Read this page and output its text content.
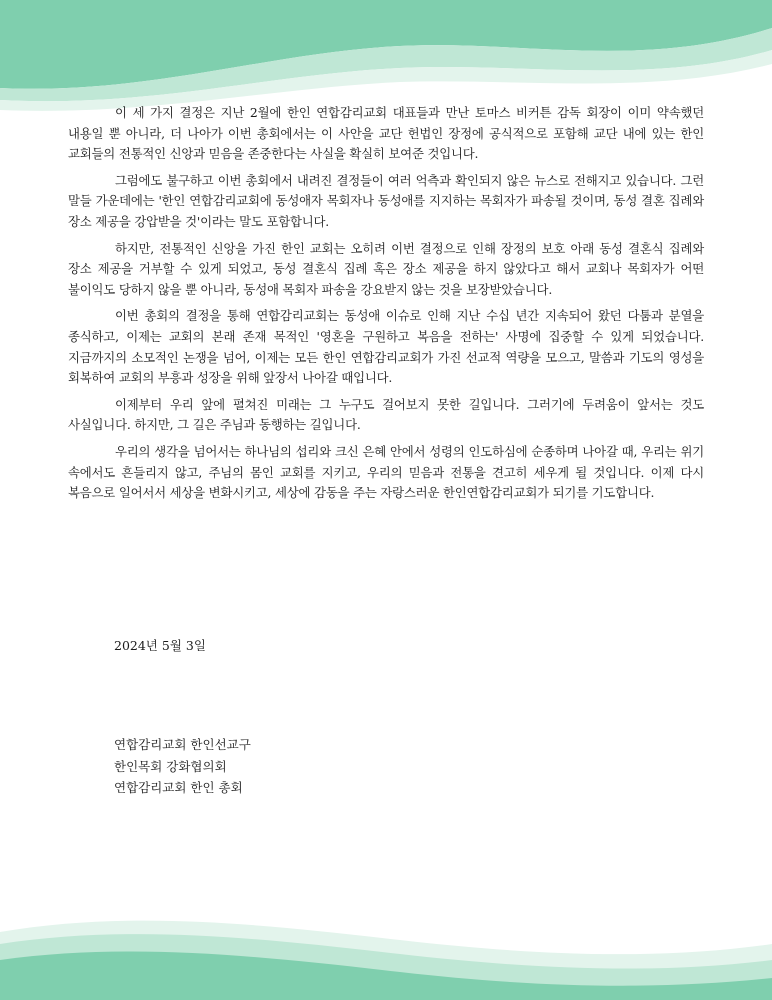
이 세 가지 결정은 지난 2월에 한인 연합감리교회 대표들과 만난 토마스 비커튼 감독 회장이 이미 약속했던 내용일 뿐 아니라, 더 나아가 이번 총회에서는 이 사안을 교단 헌법인 장정에 공식적으로 포함해 교단 내에 있는 한인 교회들의 전통적인 신앙과 믿음을 존중한다는 사실을 확실히 보여준 것입니다.

그럼에도 불구하고 이번 총회에서 내려진 결정들이 여러 억측과 확인되지 않은 뉴스로 전해지고 있습니다. 그런 말들 가운데에는 '한인 연합감리교회에 동성애자 목회자나 동성애를 지지하는 목회자가 파송될 것이며, 동성 결혼 집례와 장소 제공을 강압받을 것'이라는 말도 포함합니다.

하지만, 전통적인 신앙을 가진 한인 교회는 오히려 이번 결정으로 인해 장정의 보호 아래 동성 결혼식 집례와 장소 제공을 거부할 수 있게 되었고, 동성 결혼식 집례 혹은 장소 제공을 하지 않았다고 해서 교회나 목회자가 어떤 불이익도 당하지 않을 뿐 아니라, 동성애 목회자 파송을 강요받지 않는 것을 보장받았습니다.

이번 총회의 결정을 통해 연합감리교회는 동성애 이슈로 인해 지난 수십 년간 지속되어 왔던 다툼과 분열을 종식하고, 이제는 교회의 본래 존재 목적인 '영혼을 구원하고 복음을 전하는' 사명에 집중할 수 있게 되었습니다. 지금까지의 소모적인 논쟁을 넘어, 이제는 모든 한인 연합감리교회가 가진 선교적 역량을 모으고, 말씀과 기도의 영성을 회복하여 교회의 부흥과 성장을 위해 앞장서 나아갈 때입니다.

이제부터 우리 앞에 펼쳐진 미래는 그 누구도 걸어보지 못한 길입니다. 그러기에 두려움이 앞서는 것도 사실입니다. 하지만, 그 길은 주님과 동행하는 길입니다.

우리의 생각을 넘어서는 하나님의 섭리와 크신 은혜 안에서 성령의 인도하심에 순종하며 나아갈 때, 우리는 위기 속에서도 흔들리지 않고, 주님의 몸인 교회를 지키고, 우리의 믿음과 전통을 견고히 세우게 될 것입니다. 이제 다시 복음으로 일어서서 세상을 변화시키고, 세상에 감동을 주는 자랑스러운 한인연합감리교회가 되기를 기도합니다.

2024년 5월 3일

연합감리교회 한인선교구
한인목회 강화협의회
연합감리교회 한인 총회
